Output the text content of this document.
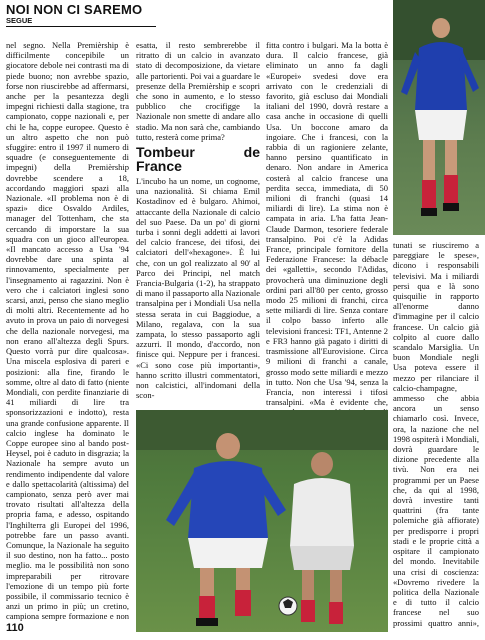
NOI NON CI SAREMO
SEGUE

nel segno. Nella Premièrship è difficilmente concepibile un giocatore debole nei contrasti ma di piede buono; non avrebbe spazio, forse non riuscirebbe ad affermarsi, anche per la pesantezza degli impegni richiesti dalla stagione, tra campionato, coppe nazionali e, per chi le ha, coppe europee. Questo è un altro aspetto che non può sfuggire: entro il 1997 il numero di squadre (e conseguentemente di impegni) della Premièrship dovrebbe scendere a 18, accordando maggiori spazi alla Nazionale. «Il problema non è di spazi» dice Osvaldo Ardiles, manager del Tottenham, che sta cercando di imporstare la sua squadra con un gioco all'europea. «Il mancato accesso a Usa '94 dovrebbe dare una spinta al rinnovamento, specialmente per l'insegnamento ai ragazzini. Non è vero che i calciatori inglesi sono scarsi, anzi, penso che siano meglio di molti altri. Recentemente ad ho avuto in prova un paio di norvegesi che della nazionale norvegesi, ma non erano all'altezza degli Spurs. Questo vorrà pur dire qualcosa». Una miscela esplosiva di pareri e posizioni: alla fine, firando le somme, oltre al dato di fatto (niente Mondiali, con perdite finanziarie di 41 miliardi di lire tra sponsorizzazioni e indotto), resta una grande confusione apparente. Il calcio inglese ha dominato le Coppe europee sino al bando post-Heysel, poi è caduto in disgrazia; la Nazionale ha sempre avuto un rendimento indipendente dal valore e dallo spettacolarità (altissima) del campionato, senza però aver mai trovato risultati all'altezza della propria fama, e adesso, ospitando l'Inghilterra gli Europei del 1996, potrebbe fare un passo avanti. Comunque, la Nazionale ha seguito il suo destino, non ha fatto... posto meglio. ma le possibilità non sono impreparabili per ritrovare l'emozione di un tempo più forte possibile, il commissario tecnico è anzi un primo in più; un cretino, campiona sempre formazione e non

esatta, il resto sembrerebbe il ritratto di un calcio in avanzato stato di decomposizione, da vietare alle partorienti. Poi vai a guardare le presenze della Premièrship e scopri che sono in aumento, e lo stesso pubblico che crocifigge la Nazionale non smette di andare allo stadio. Ma non sarà che, cambiando tutto, resterà come prima?

Tombeur de France

L'incubo ha un nome, un cognome, una nazionalità. Si chiama Emil Kostadinov ed è bulgaro. Ahimoi, attaccante della Nazionale di calcio del suo Paese. Da un po' di giorni turba i sonni degli addetti ai lavori del calcio francese, dei tifosi, dei calciatori dell'«hexagone». È lui che, con un gol realizzato al 90' al Parco dei Principi, nel match Francia-Bulgaria (1-2), ha strappato di mano il passaporto alla Nazionale transalpina per i Mondiali Usa nella stessa serata in cui Baggiodue, a Milano, regalava, con la sua zampata, lo stesso passaporto agli azzurri. Il mondo, d'accordo, non finisce qui. Neppure per i francesi. «Ci sono cose più importanti», hanno scritto illustri commentatori, non calcistici, all'indomani della scon-

fitta contro i bulgari. Ma la botta è dura. Il calcio francese, già eliminato un anno fa dagli «Europei» svedesi dove era arrivato con le credenziali di favorito, già escluso dai Mondiali italiani del 1990, dovrà restare a casa anche in occasione di quelli Usa. Un boccone amaro da ingoiare. Che i francesi, con la rabbia di un ragioniere zelante, hanno persino quantificato in denaro. Non andare in America costerà al calcio francese una perdita secca, immediata, di 50 milioni di franchi (quasi 14 miliardi di lire). La stima non è campata in aria. L'ha fatta Jean-Claude Darmon, tesoriere federale transalpino. Poi c'è la Adidas France, principale fornitore della Federazione Francese: la débacle dei «galletti», secondo l'Adidas, provocherà una diminuzione degli ordini pari all'80 per cento, grosso modo 25 milioni di franchi, circa sette miliardi di lire. Senza contare il colpo basso inferto alle televisioni francesi: TF1, Antenne 2 e FR3 hanno già pagato i diritti di trasmissione all'Eurovisione. Circa 9 milioni di franchi a canale, grosso modo sette miliardi e mezzo in tutto. Non che Usa '94, senza la Francia, non interessi i tifosi transalpini. «Ma è evidente che,

tunati se riusciremo a pareggiare le spese», dicono i responsabili televisivi. Ma i miliardi persi qua e là sono quisquilie in rapporto all'enorme danno d'immagine per il calcio francese. Un calcio già colpito al cuore dallo scandalo Marsiglia. Un buon Mondiale negli Usa poteva essere il mezzo per rilanciare il calcio-champagne, ammesso che abbia ancora un senso chiamarlo così. Invece, ora, la nazione che nel 1998 ospiterà i Mondiali, dovrà guardare le dizione precedente alla tivù. Non era nei programmi per un Paese che, da qui al 1998, dovrà investire tanti quattrini (fra tante polemiche già affiorate) per predisporre i propri stadi e le proprie città a ospitare il campionato del mondo. Inevitabile una crisi di coscienza: «Dovremo rivedere la politica della Nazionale e di tutto il calcio francese nel suo prossimi quattro anni»,

110
